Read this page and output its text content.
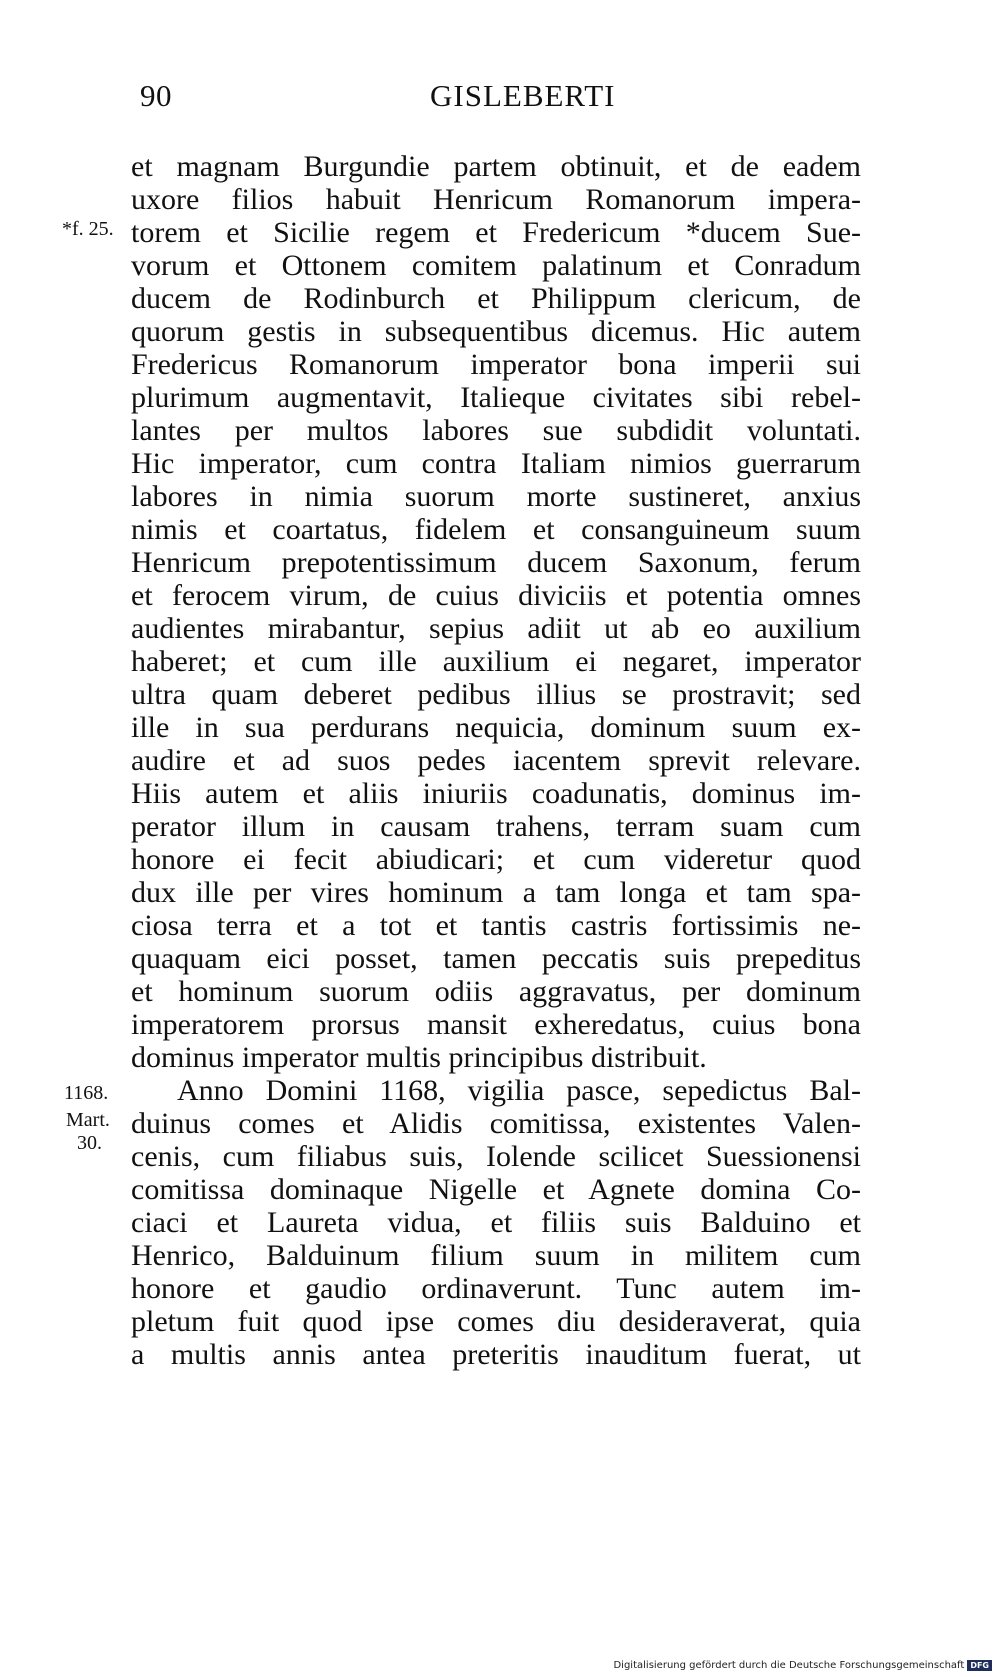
90	GISLEBERTI
*f. 25.
1168.
Mart.
30.
et magnam Burgundie partem obtinuit, et de eadem
uxore filios habuit Henricum Romanorum impera-
torem et Sicilie regem et Fredericum *ducem Sue-
vorum et Ottonem comitem palatinum et Conradum
ducem de Rodinburch et Philippum clericum, de
quorum gestis in subsequentibus dicemus. Hic autem
Fredericus Romanorum imperator bona imperii sui
plurimum augmentavit, Italieque civitates sibi rebel-
lantes per multos labores sue subdidit voluntati.
Hic imperator, cum contra Italiam nimios guerrarum
labores in nimia suorum morte sustineret, anxius
nimis et coartatus, fidelem et consanguineum suum
Henricum prepotentissimum ducem Saxonum, ferum
et ferocem virum, de cuius diviciis et potentia omnes
audientes mirabantur, sepius adiit ut ab eo auxilium
haberet; et cum ille auxilium ei negaret, imperator
ultra quam deberet pedibus illius se prostravit; sed
ille in sua perdurans nequicia, dominum suum ex-
audire et ad suos pedes iacentem sprevit relevare.
Hiis autem et aliis iniuriis coadunatis, dominus im-
perator illum in causam trahens, terram suam cum
honore ei fecit abiudicari; et cum videretur quod
dux ille per vires hominum a tam longa et tam spa-
ciosa terra et a tot et tantis castris fortissimis ne-
quaquam eici posset, tamen peccatis suis prepeditus
et hominum suorum odiis aggravatus, per dominum
imperatorem prorsus mansit exheredatus, cuius bona
dominus imperator multis principibus distribuit.
Anno Domini 1168, vigilia pasce, sepedictus Bal-
duinus comes et Alidis comitissa, existentes Valen-
cenis, cum filiabus suis, Iolende scilicet Suessionensi
comitissa dominaque Nigelle et Agnete domina Co-
ciaci et Laureta vidua, et filiis suis Balduino et
Henrico, Balduinum filium suum in militem cum
honore et gaudio ordinaverunt. Tunc autem im-
pletum fuit quod ipse comes diu desideraverat, quia
a multis annis antea preteritis inauditum fuerat, ut
Digitalisierung gefördert durch die Deutsche Forschungsgemeinschaft DFG
